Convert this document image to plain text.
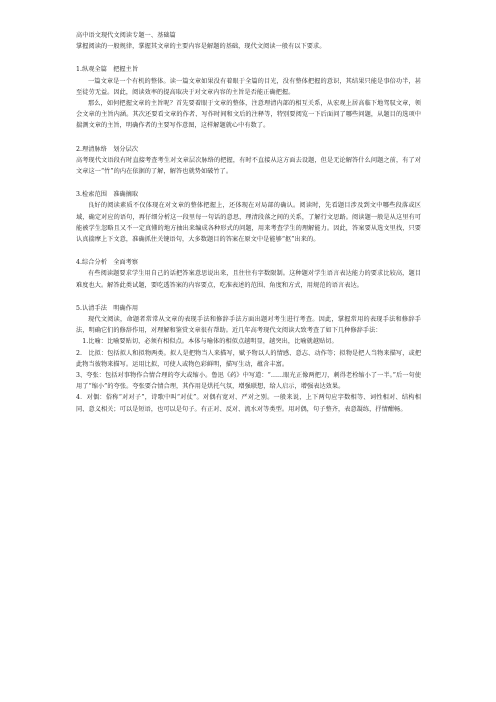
高中语文现代文阅读专题一、基础篇

掌握阅读的一般规律，掌握其文章的主要内容是解题的基础，现代文阅读一般有以下要求。

1.纵观全篇　把握主旨

一篇文章是一个有机的整体。读一篇文章如果没有着眼于全篇的目光，没有整体把握的意识，其结果只能是事倍功半，甚至徒劳无益。因此，阅读效率的提高取决于对文章内容的主旨是否能正确把握。

那么，如何把握文章的主旨呢？首先要着眼于文章的整体，注意理清内部的相互关系，从宏观上居高临下地驾驭文章，领会文章的主旨内涵。其次还要看文章的作者、写作时间和文后的注释等，特别要阅览一下后面问了哪些问题，从题目的选项中揣测文章的主旨，明确作者的主要写作意图，这样解题就心中有数了。

2.理清脉络　划分层次

高考现代文语段有时直接考查考生对文章层次脉络的把握，有时不直接从这方面去设题，但是无论解答什么问题之前，有了对文章这一“竹”的内在依据的了解，解答也就势如破竹了。

3.检索范围　准确摘取

良好的阅读素质不仅体现在对文章的整体把握上，还体现在对局部的确认。阅读时，先看题目涉及到文中哪些段落或区域，确定对应的语句，再仔细分析这一段里每一句话的意思，理清段落之间的关系，了解行文思路。阅读题一般是从这里有可能被学生忽略且又不一定真懂的地方抽出来编成各种形式的问题，用来考查学生的理解能力。因此，答案要从选文里找，只要认真揣摩上下文意，准确抓住关键语句，大多数题目的答案在原文中是能够“抠”出来的。

4.综合分析　全面考察

有些阅读题要求学生用自己的话把答案意思说出来，且往往有字数限制。这种题对学生语言表达能力的要求比较高，题目难度也大。解答此类试题，要吃透答案的内容要点，吃准表述的范围、角度和方式，用规范的语言表达。

5.认清手法　明确作用

现代文阅读，命题者常常从文章的表现手法和修辞手法方面出题对考生进行考查。因此，掌握常用的表现手法和修辞手法，明确它们的修辞作用，对理解和鉴赏文章很有帮助。近几年高考现代文阅读大致考查了如下几种修辞手法：

　1.比喻：比喻要贴切，必须有相似点。本体与喻体的相似点越明显，越突出，比喻就越贴切。

2.　比拟：包括拟人和拟物两类。拟人是把物当人来描写，赋予物以人的情感、意志、动作等；拟物是把人当物来描写，或把此物当彼物来描写。运用比拟，可使人或物色彩鲜明，描写生动，蕴含丰富。

3、夸张：包括对事物作合情合理的夸大或缩小。鲁迅《药》中写道：“……眼光正像两把刀，刺得老栓缩小了一半。”后一句使用了“缩小”的夸张。夸张要合情合理，其作用是烘托气氛，增强联想，给人启示，增强表达效果。

4．对偶：俗称“对对子”，诗歌中叫“对仗”。对偶有宽对、严对之别。一般来说，上下两句应字数相等、词性相对、结构相同、意义相关；可以是短语，也可以是句子。有正对、反对、流水对等类型。用对偶，句子整齐，表意凝练，抒情酣畅。
